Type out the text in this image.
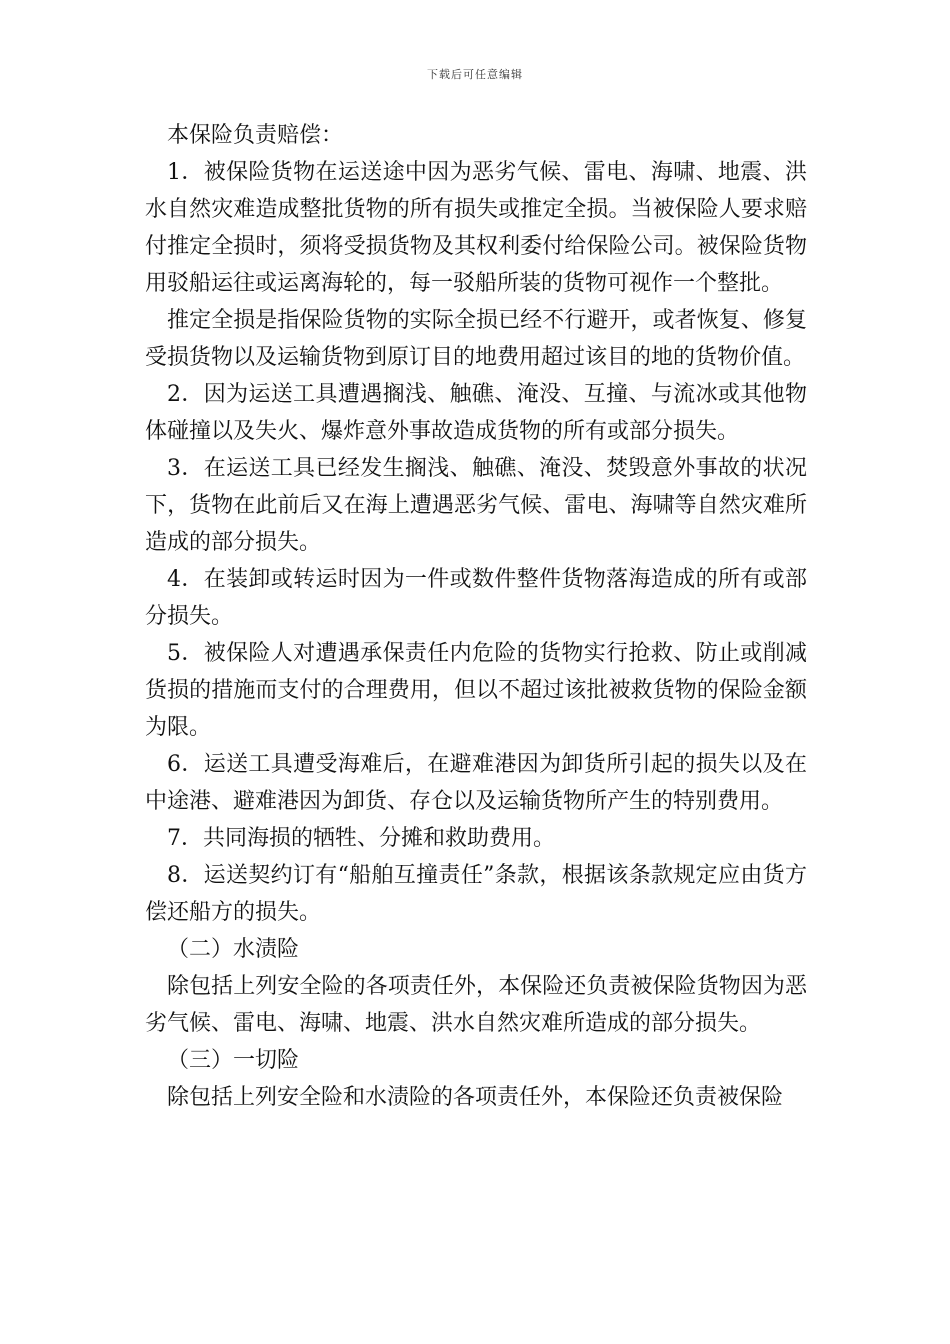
下载后可任意编辑

本保险负责赔偿：

1．被保险货物在运送途中因为恶劣气候、雷电、海啸、地震、洪水自然灾难造成整批货物的所有损失或推定全损。当被保险人要求赔付推定全损时，须将受损货物及其权利委付给保险公司。被保险货物用驳船运往或运离海轮的，每一驳船所装的货物可视作一个整批。

推定全损是指保险货物的实际全损已经不行避开，或者恢复、修复受损货物以及运输货物到原订目的地费用超过该目的地的货物价值。

2．因为运送工具遭遇搁浅、触礁、淹没、互撞、与流冰或其他物体碰撞以及失火、爆炸意外事故造成货物的所有或部分损失。

3．在运送工具已经发生搁浅、触礁、淹没、焚毁意外事故的状况下，货物在此前后又在海上遭遇恶劣气候、雷电、海啸等自然灾难所造成的部分损失。

4．在装卸或转运时因为一件或数件整件货物落海造成的所有或部分损失。

5．被保险人对遭遇承保责任内危险的货物实行抢救、防止或削减货损的措施而支付的合理费用，但以不超过该批被救货物的保险金额为限。

6．运送工具遭受海难后，在避难港因为卸货所引起的损失以及在中途港、避难港因为卸货、存仓以及运输货物所产生的特别费用。

7．共同海损的牺牲、分摊和救助费用。

8．运送契约订有“船舶互撞责任”条款，根据该条款规定应由货方偿还船方的损失。

（二）水渍险

除包括上列安全险的各项责任外，本保险还负责被保险货物因为恶劣气候、雷电、海啸、地震、洪水自然灾难所造成的部分损失。

（三）一切险

除包括上列安全险和水渍险的各项责任外，本保险还负责被保险
